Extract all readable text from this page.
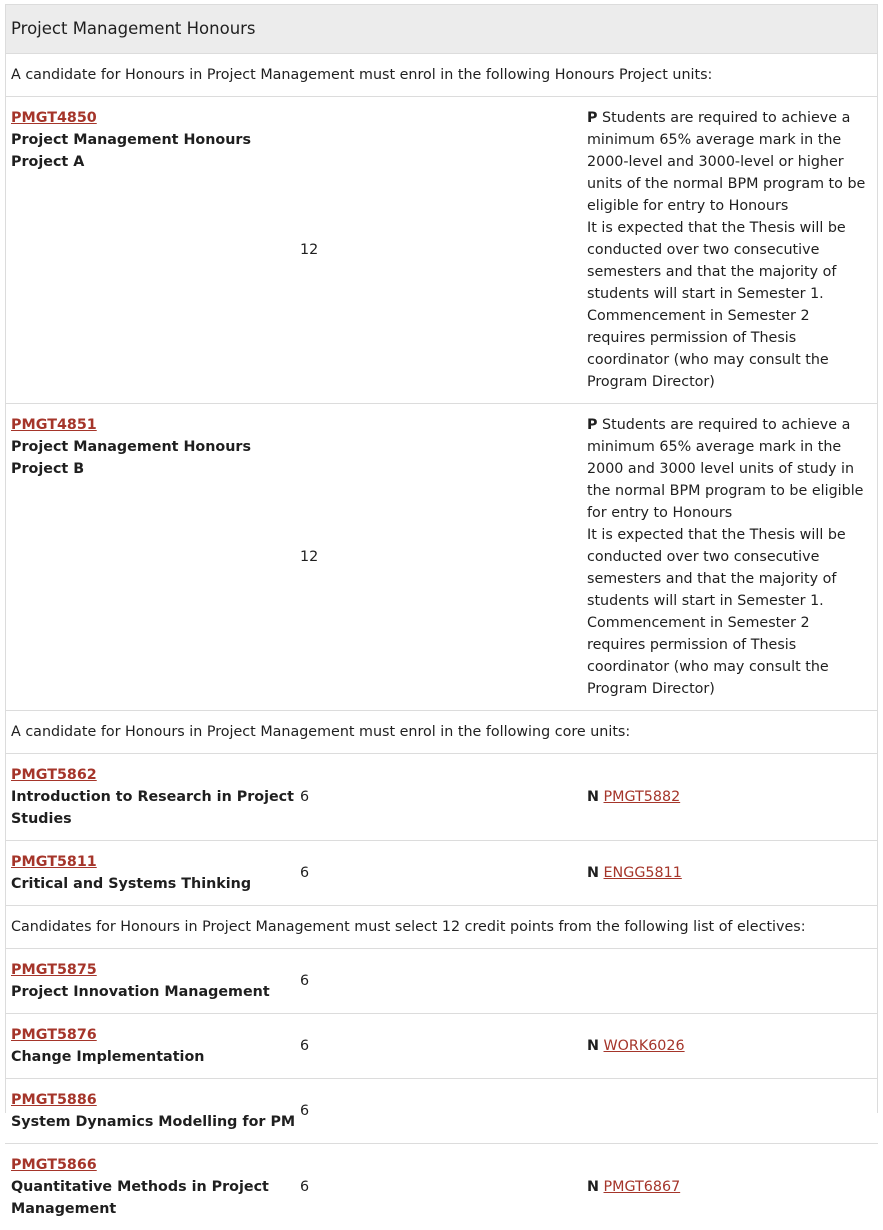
Project Management Honours		
A candidate for Honours in Project Management must enrol in the following Honours Project units:		
PMGT4850
Project Management Honours Project A	12	P Students are required to achieve a minimum 65% average mark in the 2000-level and 3000-level or higher units of the normal BPM program to be eligible for entry to Honours
It is expected that the Thesis will be conducted over two consecutive semesters and that the majority of students will start in Semester 1. Commencement in Semester 2 requires permission of Thesis coordinator (who may consult the Program Director)
PMGT4851
Project Management Honours Project B	12	P Students are required to achieve a minimum 65% average mark in the 2000 and 3000 level units of study in the normal BPM program to be eligible for entry to Honours
It is expected that the Thesis will be conducted over two consecutive semesters and that the majority of students will start in Semester 1. Commencement in Semester 2 requires permission of Thesis coordinator (who may consult the Program Director)
A candidate for Honours in Project Management must enrol in the following core units:		
PMGT5862
Introduction to Research in Project Studies	6	N PMGT5882
PMGT5811
Critical and Systems Thinking	6	N ENGG5811
Candidates for Honours in Project Management must select 12 credit points from the following list of electives:		
PMGT5875
Project Innovation Management	6	
PMGT5876
Change Implementation	6	N WORK6026
PMGT5886
System Dynamics Modelling for PM	6	
PMGT5866
Quantitative Methods in Project Management	6	N PMGT6867
